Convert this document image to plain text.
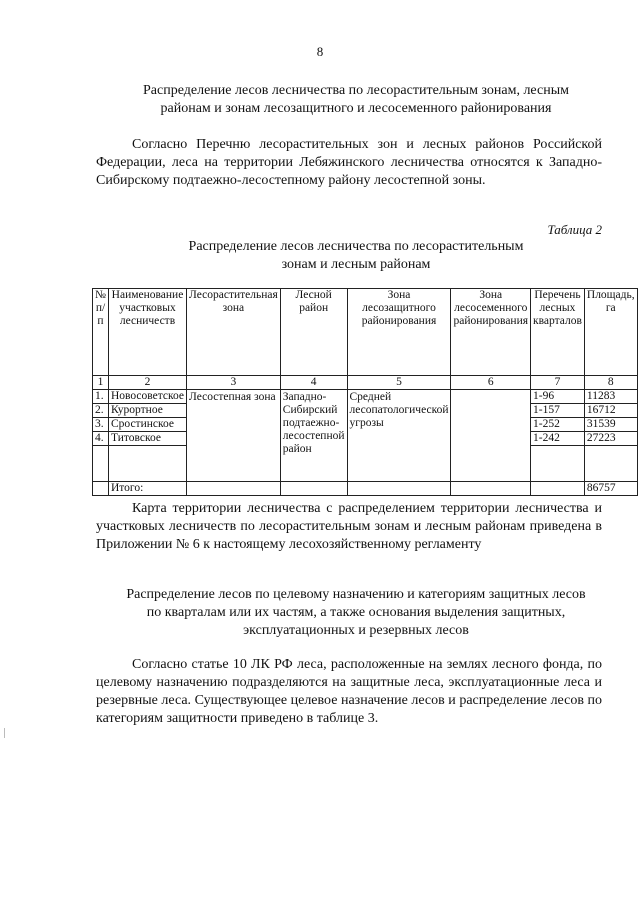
8
Распределение лесов лесничества по лесорастительным зонам, лесным
районам и зонам лесозащитного и лесосеменного районирования
Согласно Перечню лесорастительных зон и лесных районов Российской Федерации, леса на территории Лебяжинского лесничества относятся к Западно-Сибирскому подтаежно-лесостепному району лесостепной зоны.
Таблица 2
Распределение лесов лесничества по лесорастительным
зонам и лесным районам
№ п/п	Наименование участковых лесничеств	Лесорастительная зона	Лесной район	Зона лесозащитного районирования	Зона лесосеменного районирования	Перечень лесных кварталов	Площадь, га
1	2	3	4	5	6	7	8
1.	Новосоветское	Лесостепная зона	Западно-Сибирский подтаежно-лесостепной район	Средней лесопатологической угрозы		1-96	11283
2.	Курортное					1-157	16712
3.	Сростинское					1-252	31539
4.	Титовское					1-242	27223

	Итого:						86757
Карта территории лесничества с распределением территории лесничества и участковых лесничеств по лесорастительным зонам и лесным районам приведена в Приложении № 6 к настоящему лесохозяйственному регламенту
Распределение лесов по целевому назначению и категориям защитных лесов
по кварталам или их частям, а также основания выделения защитных,
эксплуатационных и резервных лесов
Согласно статье 10 ЛК РФ леса, расположенные на землях лесного фонда, по целевому назначению подразделяются на защитные леса, эксплуатационные леса и резервные леса. Существующее целевое назначение лесов и распределение лесов по категориям защитности приведено в таблице 3.
